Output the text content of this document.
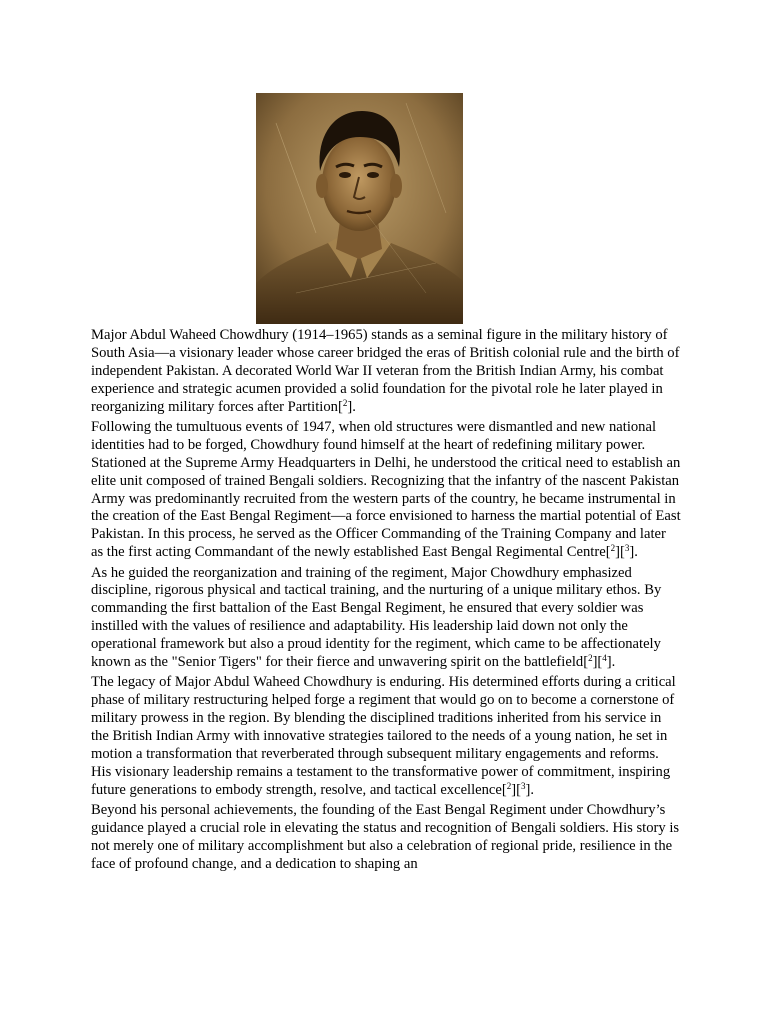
Major Abdul Waheed Chowdhury (1914–1965) stands as a seminal figure in the military history of South Asia—a visionary leader whose career bridged the eras of British colonial rule and the birth of independent Pakistan. A decorated World War II veteran from the British Indian Army, his combat experience and strategic acumen provided a solid foundation for the pivotal role he later played in reorganizing military forces after Partition[$^2$].

Following the tumultuous events of 1947, when old structures were dismantled and new national identities had to be forged, Chowdhury found himself at the heart of redefining military power. Stationed at the Supreme Army Headquarters in Delhi, he understood the critical need to establish an elite unit composed of trained Bengali soldiers. Recognizing that the infantry of the nascent Pakistan Army was predominantly recruited from the western parts of the country, he became instrumental in the creation of the East Bengal Regiment—a force envisioned to harness the martial potential of East Pakistan. In this process, he served as the Officer Commanding of the Training Company and later as the first acting Commandant of the newly established East Bengal Regimental Centre[$^2$][$^3$].

As he guided the reorganization and training of the regiment, Major Chowdhury emphasized discipline, rigorous physical and tactical training, and the nurturing of a unique military ethos. By commanding the first battalion of the East Bengal Regiment, he ensured that every soldier was instilled with the values of resilience and adaptability. His leadership laid down not only the operational framework but also a proud identity for the regiment, which came to be affectionately known as the "Senior Tigers" for their fierce and unwavering spirit on the battlefield[$^2$][$^4$].

The legacy of Major Abdul Waheed Chowdhury is enduring. His determined efforts during a critical phase of military restructuring helped forge a regiment that would go on to become a cornerstone of military prowess in the region. By blending the disciplined traditions inherited from his service in the British Indian Army with innovative strategies tailored to the needs of a young nation, he set in motion a transformation that reverberated through subsequent military engagements and reforms. His visionary leadership remains a testament to the transformative power of commitment, inspiring future generations to embody strength, resolve, and tactical excellence[$^2$][$^3$].

Beyond his personal achievements, the founding of the East Bengal Regiment under Chowdhury’s guidance played a crucial role in elevating the status and recognition of Bengali soldiers. His story is not merely one of military accomplishment but also a celebration of regional pride, resilience in the face of profound change, and a dedication to shaping an
